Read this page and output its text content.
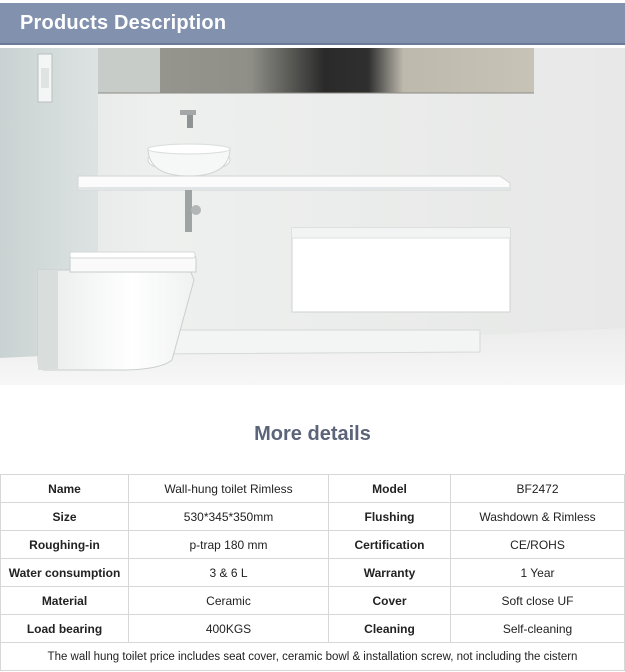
Products Description
More details
Name	Wall-hung toilet Rimless	Model	BF2472
Size	530*345*350mm	Flushing	Washdown & Rimless
Roughing-in	p-trap 180 mm	Certification	CE/ROHS
Water consumption	3 & 6 L	Warranty	1 Year
Material	Ceramic	Cover	Soft close UF
Load bearing	400KGS	Cleaning	Self-cleaning
The wall hung toilet price includes seat cover, ceramic bowl & installation screw, not including the cistern			
